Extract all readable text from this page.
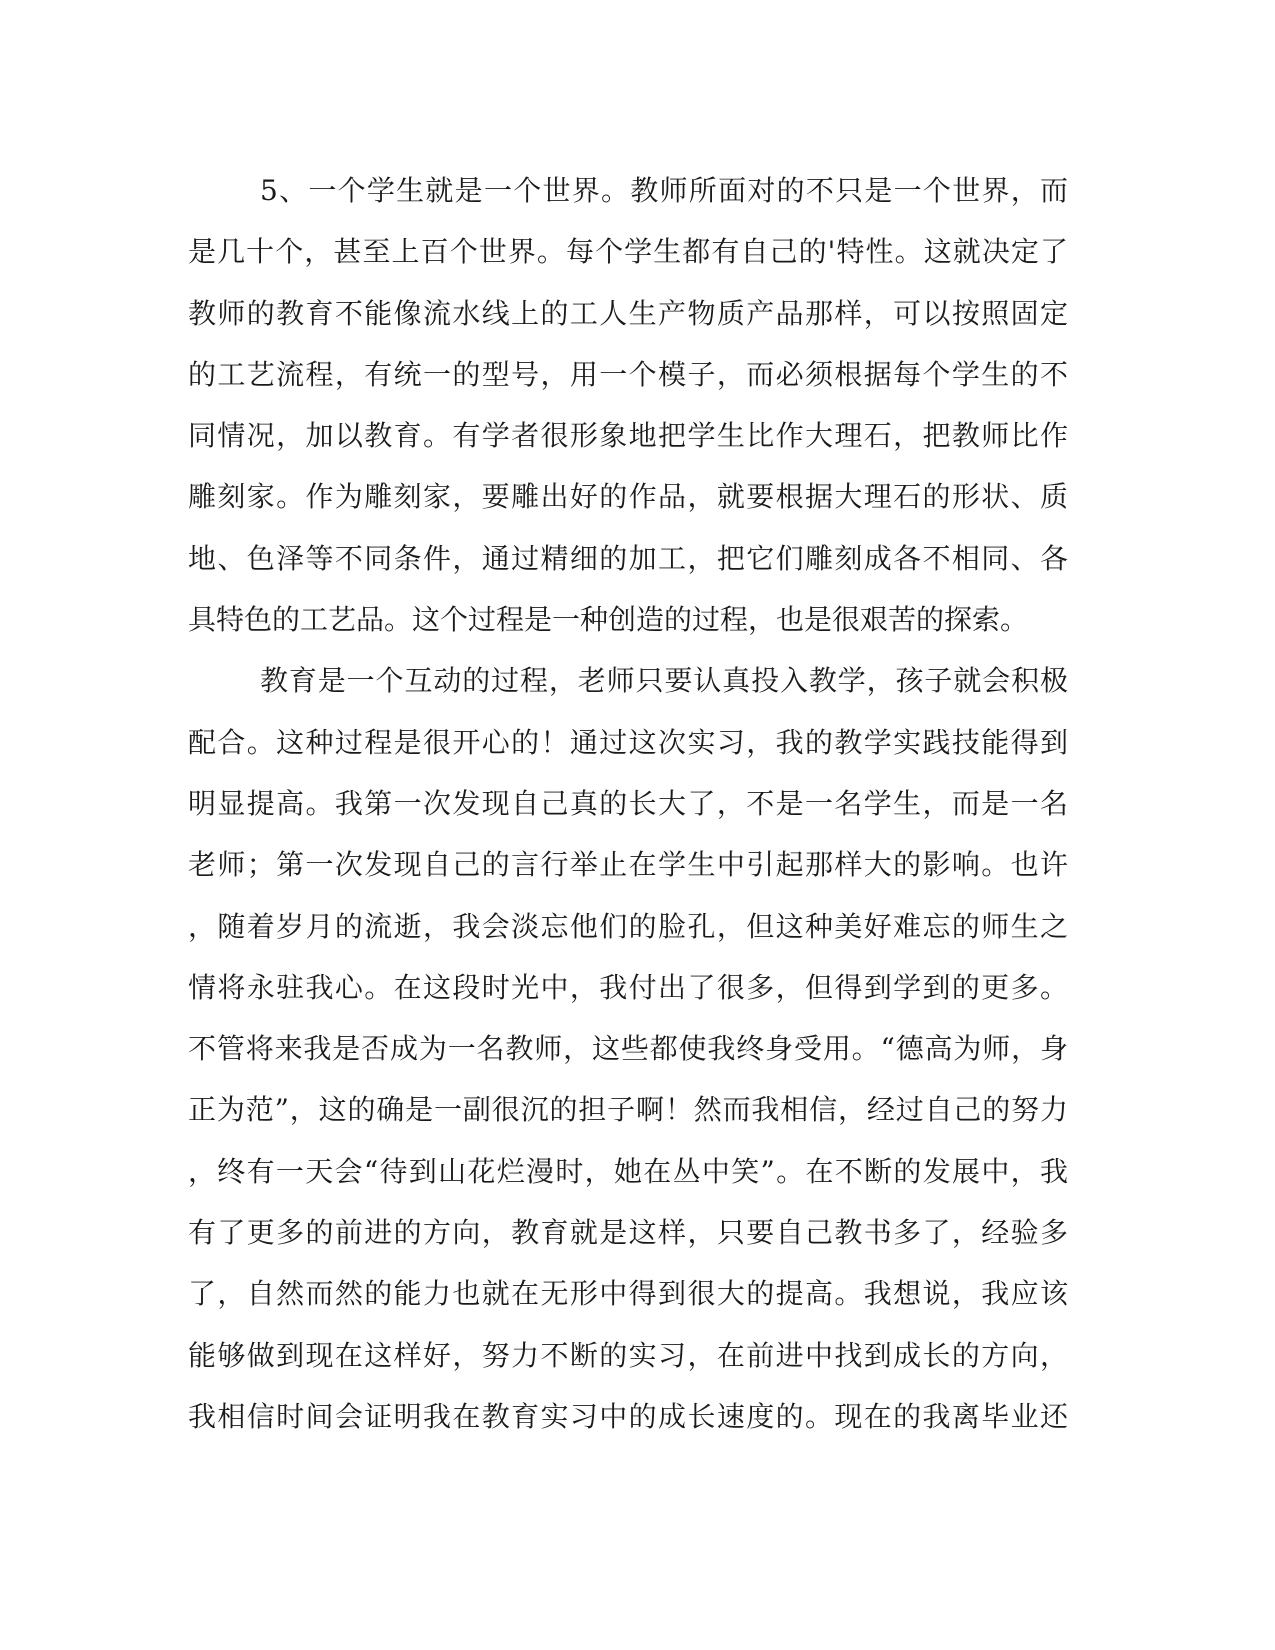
5、一个学生就是一个世界。教师所面对的不只是一个世界，而
是几十个，甚至上百个世界。每个学生都有自己的'特性。这就决定了
教师的教育不能像流水线上的工人生产物质产品那样，可以按照固定
的工艺流程，有统一的型号，用一个模子，而必须根据每个学生的不
同情况，加以教育。有学者很形象地把学生比作大理石，把教师比作
雕刻家。作为雕刻家，要雕出好的作品，就要根据大理石的形状、质
地、色泽等不同条件，通过精细的加工，把它们雕刻成各不相同、各
具特色的工艺品。这个过程是一种创造的过程，也是很艰苦的探索。
教育是一个互动的过程，老师只要认真投入教学，孩子就会积极
配合。这种过程是很开心的！通过这次实习，我的教学实践技能得到
明显提高。我第一次发现自己真的长大了，不是一名学生，而是一名
老师；第一次发现自己的言行举止在学生中引起那样大的影响。也许
，随着岁月的流逝，我会淡忘他们的脸孔，但这种美好难忘的师生之
情将永驻我心。在这段时光中，我付出了很多，但得到学到的更多。
不管将来我是否成为一名教师，这些都使我终身受用。“德高为师，身
正为范”，这的确是一副很沉的担子啊！然而我相信，经过自己的努力
，终有一天会“待到山花烂漫时，她在丛中笑”。在不断的发展中，我
有了更多的前进的方向，教育就是这样，只要自己教书多了，经验多
了，自然而然的能力也就在无形中得到很大的提高。我想说，我应该
能够做到现在这样好，努力不断的实习，在前进中找到成长的方向，
我相信时间会证明我在教育实习中的成长速度的。现在的我离毕业还
